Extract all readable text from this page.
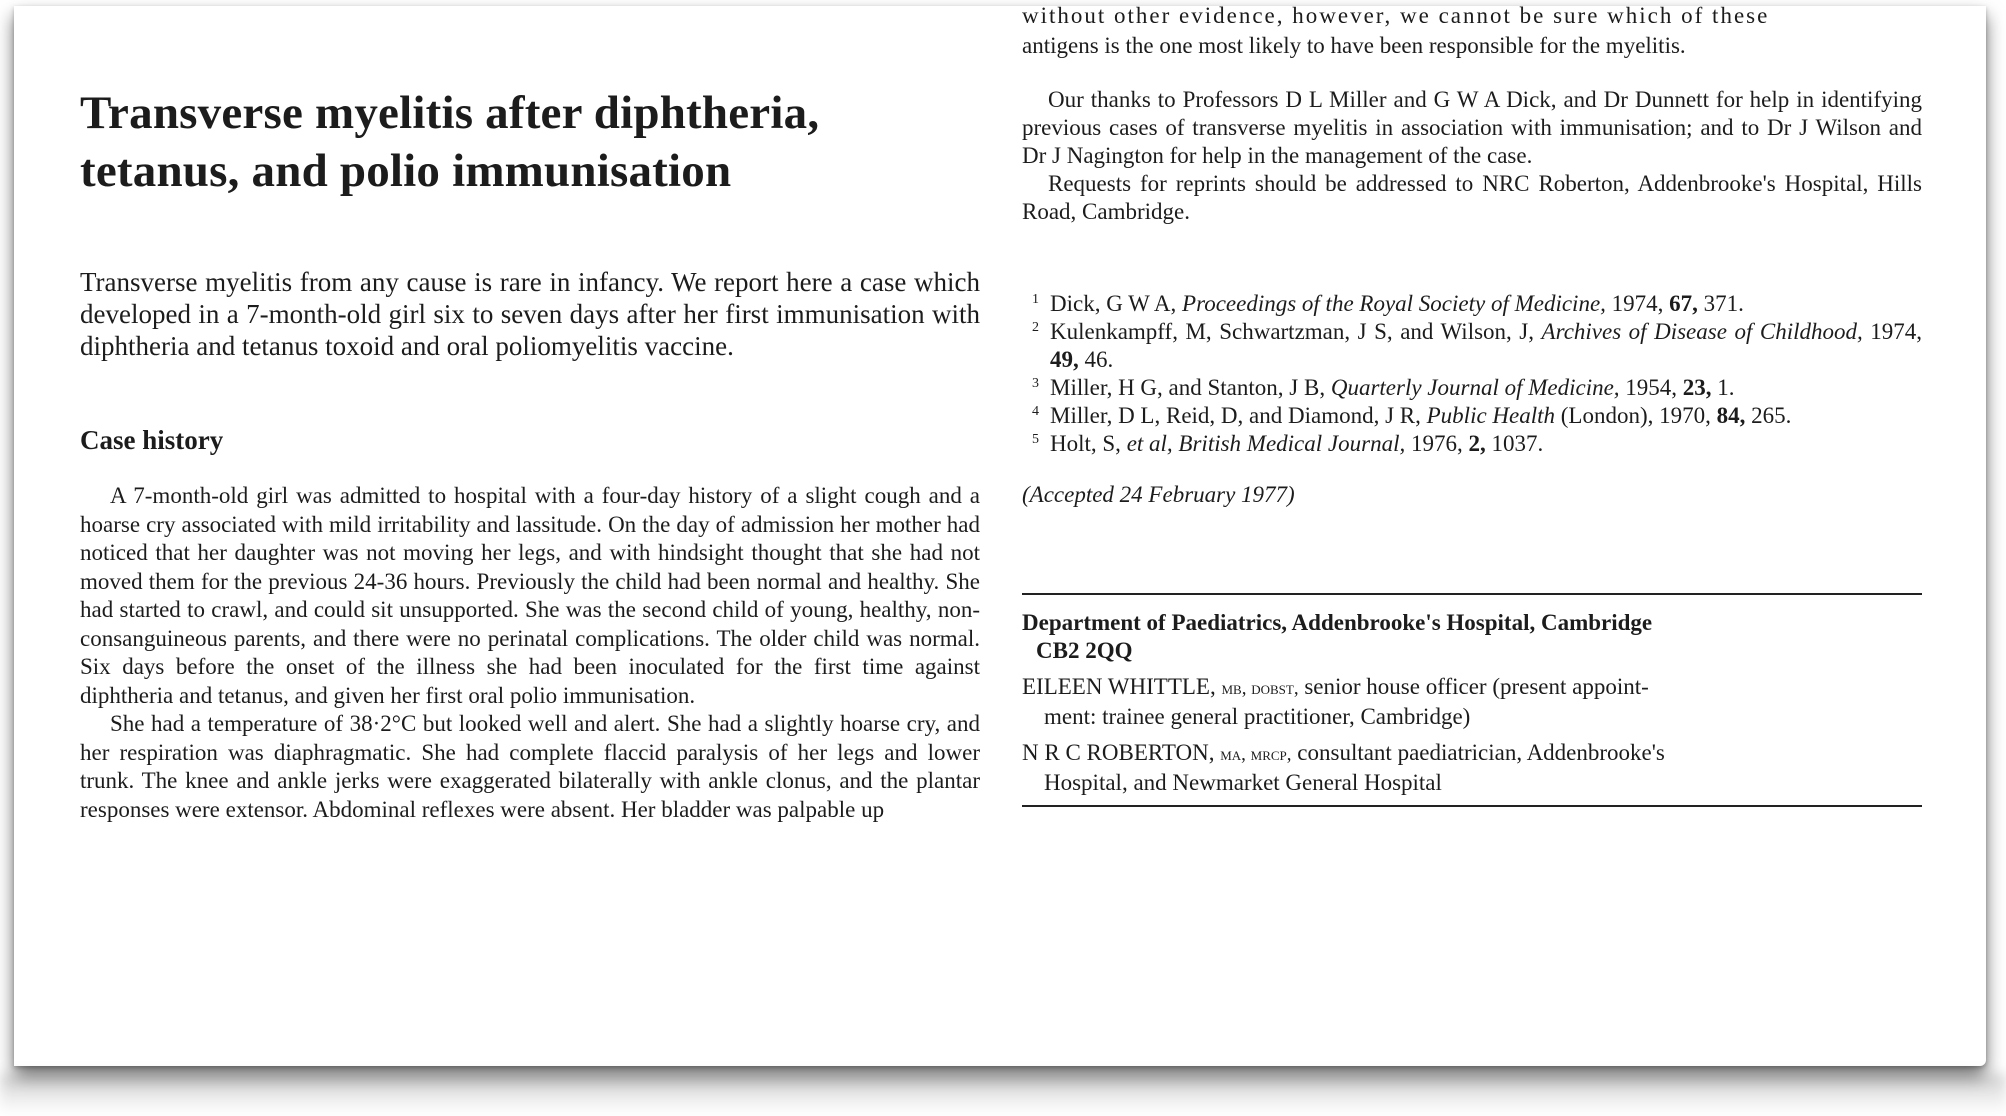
Transverse myelitis after diphtheria, tetanus, and polio immunisation

Transverse myelitis from any cause is rare in infancy. We report here a case which developed in a 7-month-old girl six to seven days after her first immunisation with diphtheria and tetanus toxoid and oral poliomyelitis vaccine.

Case history

A 7-month-old girl was admitted to hospital with a four-day history of a slight cough and a hoarse cry associated with mild irritability and lassitude. On the day of admission her mother had noticed that her daughter was not moving her legs, and with hindsight thought that she had not moved them for the previous 24-36 hours. Previously the child had been normal and healthy. She had started to crawl, and could sit unsupported. She was the second child of young, healthy, non-consanguineous parents, and there were no perinatal complications. The older child was normal. Six days before the onset of the illness she had been inoculated for the first time against diphtheria and tetanus, and given her first oral polio immunisation.

She had a temperature of 38·2°C but looked well and alert. She had a slightly hoarse cry, and her respiration was diaphragmatic. She had complete flaccid paralysis of her legs and lower trunk. The knee and ankle jerks were exaggerated bilaterally with ankle clonus, and the plantar responses were extensor. Abdominal reflexes were absent. Her bladder was palpable up

without other evidence, however, we cannot be sure which of these

antigens is the one most likely to have been responsible for the myelitis.

Our thanks to Professors D L Miller and G W A Dick, and Dr Dunnett for help in identifying previous cases of transverse myelitis in association with immunisation; and to Dr J Wilson and Dr J Nagington for help in the management of the case.

Requests for reprints should be addressed to NRC Roberton, Addenbrooke's Hospital, Hills Road, Cambridge.

1 Dick, G W A, Proceedings of the Royal Society of Medicine, 1974, 67, 371.
2 Kulenkampff, M, Schwartzman, J S, and Wilson, J, Archives of Disease of Childhood, 1974, 49, 46.
3 Miller, H G, and Stanton, J B, Quarterly Journal of Medicine, 1954, 23, 1.
4 Miller, D L, Reid, D, and Diamond, J R, Public Health (London), 1970, 84, 265.
5 Holt, S, et al, British Medical Journal, 1976, 2, 1037.
(Accepted 24 February 1977)
Department of Paediatrics, Addenbrooke's Hospital, Cambridge
CB2 2QQ
EILEEN WHITTLE, mb, dobst, senior house officer (present appoint-
ment: trainee general practitioner, Cambridge)
N R C ROBERTON, ma, mrcp, consultant paediatrician, Addenbrooke's
Hospital, and Newmarket General Hospital
